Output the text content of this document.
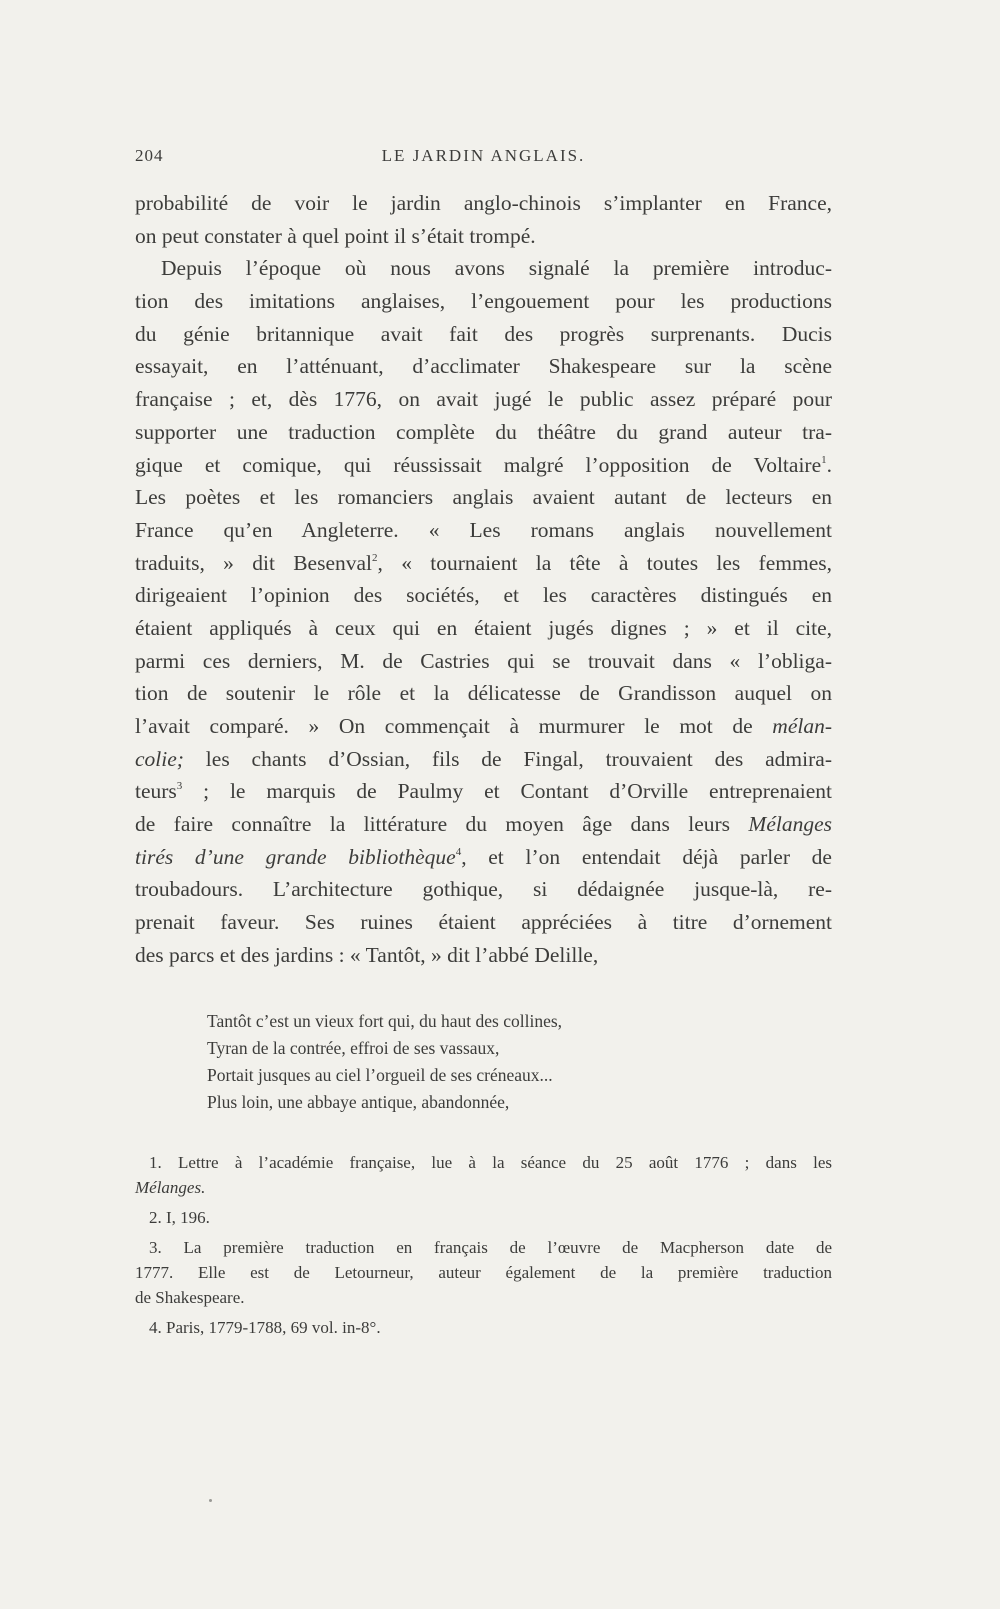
204	LE JARDIN ANGLAIS.
probabilité de voir le jardin anglo-chinois s’implanter en France,
on peut constater à quel point il s’était trompé.
Depuis l’époque où nous avons signalé la première introduc-
tion des imitations anglaises, l’engouement pour les productions
du génie britannique avait fait des progrès surprenants. Ducis
essayait, en l’atténuant, d’acclimater Shakespeare sur la scène
française ; et, dès 1776, on avait jugé le public assez préparé pour
supporter une traduction complète du théâtre du grand auteur tra-
gique et comique, qui réussissait malgré l’opposition de Voltaire$^1$.
Les poètes et les romanciers anglais avaient autant de lecteurs en
France qu’en Angleterre. « Les romans anglais nouvellement
traduits, » dit Besenval$^2$, « tournaient la tête à toutes les femmes,
dirigeaient l’opinion des sociétés, et les caractères distingués en
étaient appliqués à ceux qui en étaient jugés dignes ; » et il cite,
parmi ces derniers, M. de Castries qui se trouvait dans « l’obliga-
tion de soutenir le rôle et la délicatesse de Grandisson auquel on
l’avait comparé. » On commençait à murmurer le mot de mélan-
colie; les chants d’Ossian, fils de Fingal, trouvaient des admira-
teurs$^3$ ; le marquis de Paulmy et Contant d’Orville entreprenaient
de faire connaître la littérature du moyen âge dans leurs Mélanges
tirés d’une grande bibliothèque$^4$, et l’on entendait déjà parler de
troubadours. L’architecture gothique, si dédaignée jusque-là, re-
prenait faveur. Ses ruines étaient appréciées à titre d’ornement
des parcs et des jardins : « Tantôt, » dit l’abbé Delille,
Tantôt c’est un vieux fort qui, du haut des collines,
Tyran de la contrée, effroi de ses vassaux,
Portait jusques au ciel l’orgueil de ses créneaux...
Plus loin, une abbaye antique, abandonnée,
1. Lettre à l’académie française, lue à la séance du 25 août 1776 ; dans les
Mélanges.
2. I, 196.
3. La première traduction en français de l’œuvre de Macpherson date de
1777. Elle est de Letourneur, auteur également de la première traduction
de Shakespeare.
4. Paris, 1779-1788, 69 vol. in-8°.
